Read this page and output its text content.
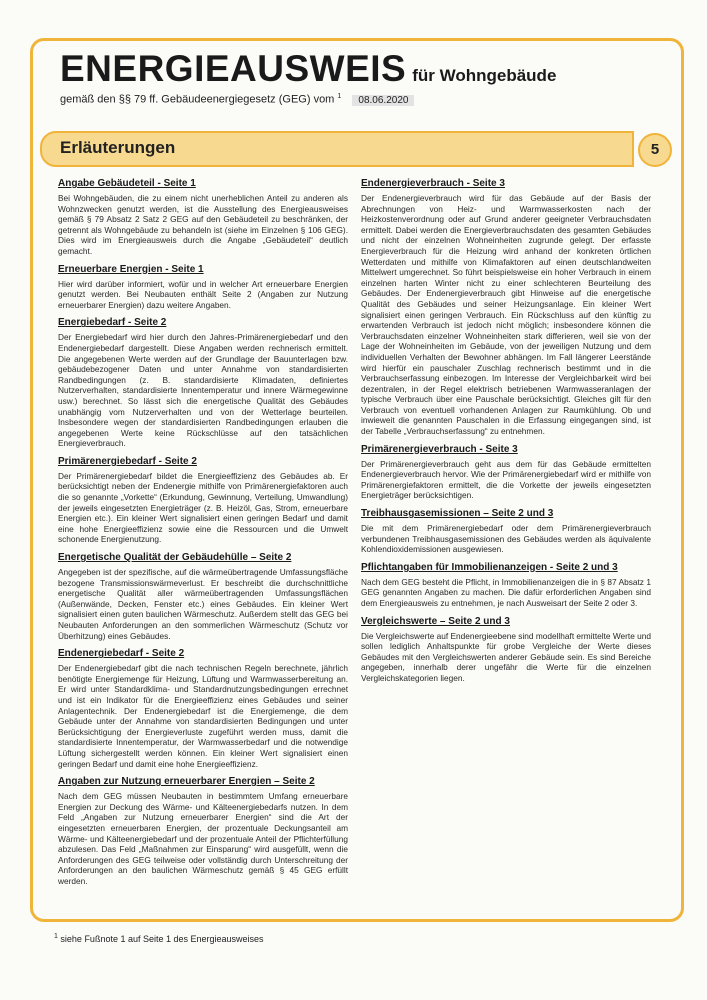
ENERGIEAUSWEIS für Wohngebäude
gemäß den §§ 79 ff. Gebäudeenergiegesetz (GEG) vom $^1$ 08.06.2020
Erläuterungen	5
Angabe Gebäudeteil - Seite 1

Bei Wohngebäuden, die zu einem nicht unerheblichen Anteil zu anderen als Wohnzwecken genutzt werden, ist die Ausstellung des Energieausweises gemäß § 79 Absatz 2 Satz 2 GEG auf den Gebäudeteil zu beschränken, der getrennt als Wohngebäude zu behandeln ist (siehe im Einzelnen § 106 GEG). Dies wird im Energieausweis durch die Angabe „Gebäudeteil“ deutlich gemacht.

Erneuerbare Energien - Seite 1

Hier wird darüber informiert, wofür und in welcher Art erneuerbare Energien genutzt werden. Bei Neubauten enthält Seite 2 (Angaben zur Nutzung erneuerbarer Energien) dazu weitere Angaben.

Energiebedarf - Seite 2

Der Energiebedarf wird hier durch den Jahres-Primärenergiebedarf und den Endenergiebedarf dargestellt. Diese Angaben werden rechnerisch ermittelt. Die angegebenen Werte werden auf der Grundlage der Bauunterlagen bzw. gebäudebezogener Daten und unter Annahme von standardisierten Randbedingungen (z. B. standardisierte Klimadaten, definiertes Nutzerverhalten, standardisierte Innentemperatur und innere Wärmegewinne usw.) berechnet. So lässt sich die energetische Qualität des Gebäudes unabhängig vom Nutzerverhalten und von der Wetterlage beurteilen. Insbesondere wegen der standardisierten Randbedingungen erlauben die angegebenen Werte keine Rückschlüsse auf den tatsächlichen Energieverbrauch.

Primärenergiebedarf - Seite 2

Der Primärenergiebedarf bildet die Energieeffizienz des Gebäudes ab. Er berücksichtigt neben der Endenergie mithilfe von Primärenergiefaktoren auch die so genannte „Vorkette“ (Erkundung, Gewinnung, Verteilung, Umwandlung) der jeweils eingesetzten Energieträger (z. B. Heizöl, Gas, Strom, erneuerbare Energien etc.). Ein kleiner Wert signalisiert einen geringen Bedarf und damit eine hohe Energieeffizienz sowie eine die Ressourcen und die Umwelt schonende Energienutzung.

Energetische Qualität der Gebäudehülle – Seite 2

Angegeben ist der spezifische, auf die wärmeübertragende Umfassungsfläche bezogene Transmissionswärmeverlust. Er beschreibt die durchschnittliche energetische Qualität aller wärmeübertragenden Umfassungsflächen (Außenwände, Decken, Fenster etc.) eines Gebäudes. Ein kleiner Wert signalisiert einen guten baulichen Wärmeschutz. Außerdem stellt das GEG bei Neubauten Anforderungen an den sommerlichen Wärmeschutz (Schutz vor Überhitzung) eines Gebäudes.

Endenergiebedarf - Seite 2

Der Endenergiebedarf gibt die nach technischen Regeln berechnete, jährlich benötigte Energiemenge für Heizung, Lüftung und Warmwasserbereitung an. Er wird unter Standardklima- und Standardnutzungsbedingungen errechnet und ist ein Indikator für die Energieeffizienz eines Gebäudes und seiner Anlagentechnik. Der Endenergiebedarf ist die Energiemenge, die dem Gebäude unter der Annahme von standardisierten Bedingungen und unter Berücksichtigung der Energieverluste zugeführt werden muss, damit die standardisierte Innentemperatur, der Warmwasserbedarf und die notwendige Lüftung sichergestellt werden können. Ein kleiner Wert signalisiert einen geringen Bedarf und damit eine hohe Energieeffizienz.

Angaben zur Nutzung erneuerbarer Energien – Seite 2

Nach dem GEG müssen Neubauten in bestimmtem Umfang erneuerbare Energien zur Deckung des Wärme- und Kälteenergiebedarfs nutzen. In dem Feld „Angaben zur Nutzung erneuerbarer Energien“ sind die Art der eingesetzten erneuerbaren Energien, der prozentuale Deckungsanteil am Wärme- und Kälteenergiebedarf und der prozentuale Anteil der Pflichterfüllung abzulesen. Das Feld „Maßnahmen zur Einsparung“ wird ausgefüllt, wenn die Anforderungen des GEG teilweise oder vollständig durch Unterschreitung der Anforderungen an den baulichen Wärmeschutz gemäß § 45 GEG erfüllt werden.

Endenergieverbrauch - Seite 3

Der Endenergieverbrauch wird für das Gebäude auf der Basis der Abrechnungen von Heiz- und Warmwasserkosten nach der Heizkostenverordnung oder auf Grund anderer geeigneter Verbrauchsdaten ermittelt. Dabei werden die Energieverbrauchsdaten des gesamten Gebäudes und nicht der einzelnen Wohneinheiten zugrunde gelegt. Der erfasste Energieverbrauch für die Heizung wird anhand der konkreten örtlichen Wetterdaten und mithilfe von Klimafaktoren auf einen deutschlandweiten Mittelwert umgerechnet. So führt beispielsweise ein hoher Verbrauch in einem einzelnen harten Winter nicht zu einer schlechteren Beurteilung des Gebäudes. Der Endenergieverbrauch gibt Hinweise auf die energetische Qualität des Gebäudes und seiner Heizungsanlage. Ein kleiner Wert signalisiert einen geringen Verbrauch. Ein Rückschluss auf den künftig zu erwartenden Verbrauch ist jedoch nicht möglich; insbesondere können die Verbrauchsdaten einzelner Wohneinheiten stark differieren, weil sie von der Lage der Wohneinheiten im Gebäude, von der jeweiligen Nutzung und dem individuellen Verhalten der Bewohner abhängen. Im Fall längerer Leerstände wird hierfür ein pauschaler Zuschlag rechnerisch bestimmt und in die Verbrauchserfassung einbezogen. Im Interesse der Vergleichbarkeit wird bei dezentralen, in der Regel elektrisch betriebenen Warmwasseranlagen der typische Verbrauch über eine Pauschale berücksichtigt. Gleiches gilt für den Verbrauch von eventuell vorhandenen Anlagen zur Raumkühlung. Ob und inwieweit die genannten Pauschalen in die Erfassung eingegangen sind, ist der Tabelle „Verbrauchserfassung“ zu entnehmen.

Primärenergieverbrauch - Seite 3

Der Primärenergieverbrauch geht aus dem für das Gebäude ermittelten Endenergieverbrauch hervor. Wie der Primärenergiebedarf wird er mithilfe von Primärenergiefaktoren ermittelt, die die Vorkette der jeweils eingesetzten Energieträger berücksichtigen.

Treibhausgasemissionen – Seite 2 und 3

Die mit dem Primärenergiebedarf oder dem Primärenergieverbrauch verbundenen Treibhausgasemissionen des Gebäudes werden als äquivalente Kohlendioxidemissionen ausgewiesen.

Pflichtangaben für Immobilienanzeigen - Seite 2 und 3

Nach dem GEG besteht die Pflicht, in Immobilienanzeigen die in § 87 Absatz 1 GEG genannten Angaben zu machen. Die dafür erforderlichen Angaben sind dem Energieausweis zu entnehmen, je nach Ausweisart der Seite 2 oder 3.

Vergleichswerte – Seite 2 und 3

Die Vergleichswerte auf Endenergieebene sind modellhaft ermittelte Werte und sollen lediglich Anhaltspunkte für grobe Vergleiche der Werte dieses Gebäudes mit den Vergleichswerten anderer Gebäude sein. Es sind Bereiche angegeben, innerhalb derer ungefähr die Werte für die einzelnen Vergleichskategorien liegen.

$^1$ siehe Fußnote 1 auf Seite 1 des Energieausweises
